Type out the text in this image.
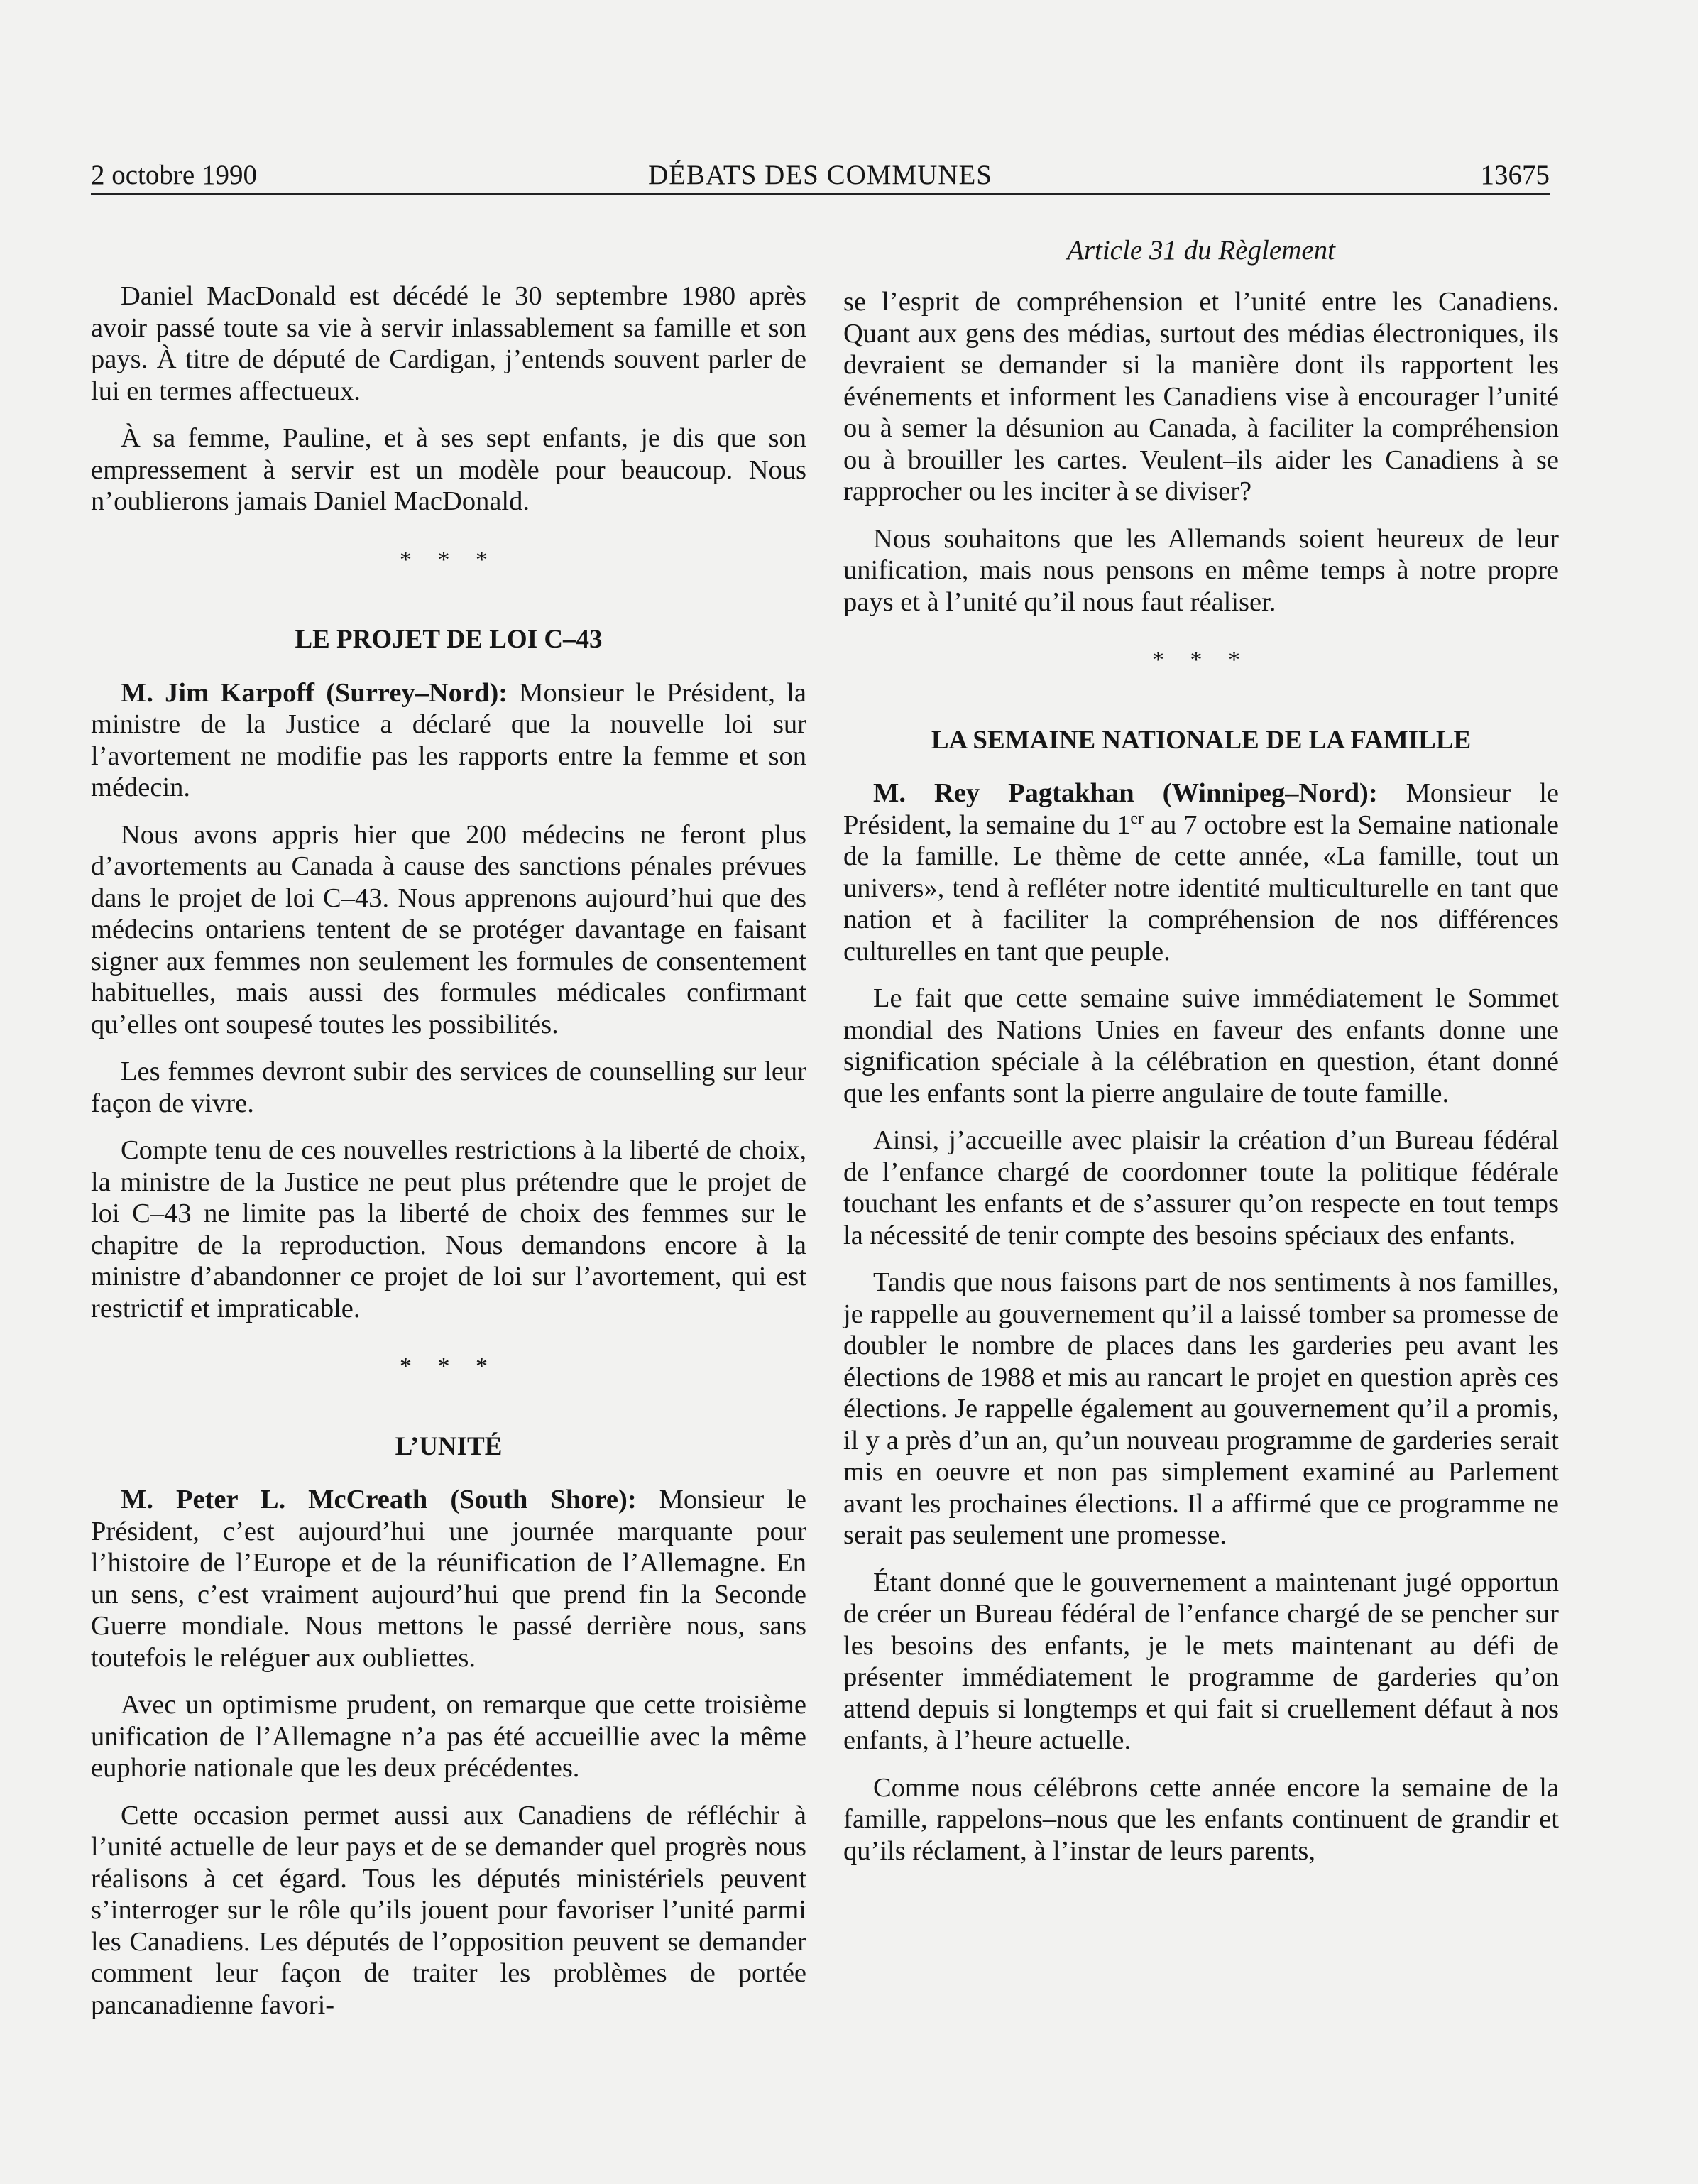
2 octobre 1990	DÉBATS DES COMMUNES	13675
Article 31 du Règlement

Daniel MacDonald est décédé le 30 septembre 1980 après avoir passé toute sa vie à servir inlassablement sa famille et son pays. À titre de député de Cardigan, j’entends souvent parler de lui en termes affectueux.

À sa femme, Pauline, et à ses sept enfants, je dis que son empressement à servir est un modèle pour beaucoup. Nous n’oublierons jamais Daniel MacDonald.

* * *
LE PROJET DE LOI C–43

M. Jim Karpoff (Surrey–Nord): Monsieur le Président, la ministre de la Justice a déclaré que la nouvelle loi sur l’avortement ne modifie pas les rapports entre la femme et son médecin.

Nous avons appris hier que 200 médecins ne feront plus d’avortements au Canada à cause des sanctions pénales prévues dans le projet de loi C–43. Nous apprenons aujourd’hui que des médecins ontariens tentent de se protéger davantage en faisant signer aux femmes non seulement les formules de consentement habituelles, mais aussi des formules médicales confirmant qu’elles ont soupesé toutes les possibilités.

Les femmes devront subir des services de counselling sur leur façon de vivre.

Compte tenu de ces nouvelles restrictions à la liberté de choix, la ministre de la Justice ne peut plus prétendre que le projet de loi C–43 ne limite pas la liberté de choix des femmes sur le chapitre de la reproduction. Nous demandons encore à la ministre d’abandonner ce projet de loi sur l’avortement, qui est restrictif et impraticable.

* * *
L’UNITÉ

M. Peter L. McCreath (South Shore): Monsieur le Président, c’est aujourd’hui une journée marquante pour l’histoire de l’Europe et de la réunification de l’Allemagne. En un sens, c’est vraiment aujourd’hui que prend fin la Seconde Guerre mondiale. Nous mettons le passé derrière nous, sans toutefois le reléguer aux oubliettes.

Avec un optimisme prudent, on remarque que cette troisième unification de l’Allemagne n’a pas été accueillie avec la même euphorie nationale que les deux précédentes.

Cette occasion permet aussi aux Canadiens de réfléchir à l’unité actuelle de leur pays et de se demander quel progrès nous réalisons à cet égard. Tous les députés ministériels peuvent s’interroger sur le rôle qu’ils jouent pour favoriser l’unité parmi les Canadiens. Les députés de l’opposition peuvent se demander comment leur façon de traiter les problèmes de portée pancanadienne favori-

se l’esprit de compréhension et l’unité entre les Canadiens. Quant aux gens des médias, surtout des médias électroniques, ils devraient se demander si la manière dont ils rapportent les événements et informent les Canadiens vise à encourager l’unité ou à semer la désunion au Canada, à faciliter la compréhension ou à brouiller les cartes. Veulent–ils aider les Canadiens à se rapprocher ou les inciter à se diviser?

Nous souhaitons que les Allemands soient heureux de leur unification, mais nous pensons en même temps à notre propre pays et à l’unité qu’il nous faut réaliser.

* * *
LA SEMAINE NATIONALE DE LA FAMILLE

M. Rey Pagtakhan (Winnipeg–Nord): Monsieur le Président, la semaine du 1er au 7 octobre est la Semaine nationale de la famille. Le thème de cette année, «La famille, tout un univers», tend à refléter notre identité multiculturelle en tant que nation et à faciliter la compréhension de nos différences culturelles en tant que peuple.

Le fait que cette semaine suive immédiatement le Sommet mondial des Nations Unies en faveur des enfants donne une signification spéciale à la célébration en question, étant donné que les enfants sont la pierre angulaire de toute famille.

Ainsi, j’accueille avec plaisir la création d’un Bureau fédéral de l’enfance chargé de coordonner toute la politique fédérale touchant les enfants et de s’assurer qu’on respecte en tout temps la nécessité de tenir compte des besoins spéciaux des enfants.

Tandis que nous faisons part de nos sentiments à nos familles, je rappelle au gouvernement qu’il a laissé tomber sa promesse de doubler le nombre de places dans les garderies peu avant les élections de 1988 et mis au rancart le projet en question après ces élections. Je rappelle également au gouvernement qu’il a promis, il y a près d’un an, qu’un nouveau programme de garderies serait mis en oeuvre et non pas simplement examiné au Parlement avant les prochaines élections. Il a affirmé que ce programme ne serait pas seulement une promesse.

Étant donné que le gouvernement a maintenant jugé opportun de créer un Bureau fédéral de l’enfance chargé de se pencher sur les besoins des enfants, je le mets maintenant au défi de présenter immédiatement le programme de garderies qu’on attend depuis si longtemps et qui fait si cruellement défaut à nos enfants, à l’heure actuelle.

Comme nous célébrons cette année encore la semaine de la famille, rappelons–nous que les enfants continuent de grandir et qu’ils réclament, à l’instar de leurs parents,
